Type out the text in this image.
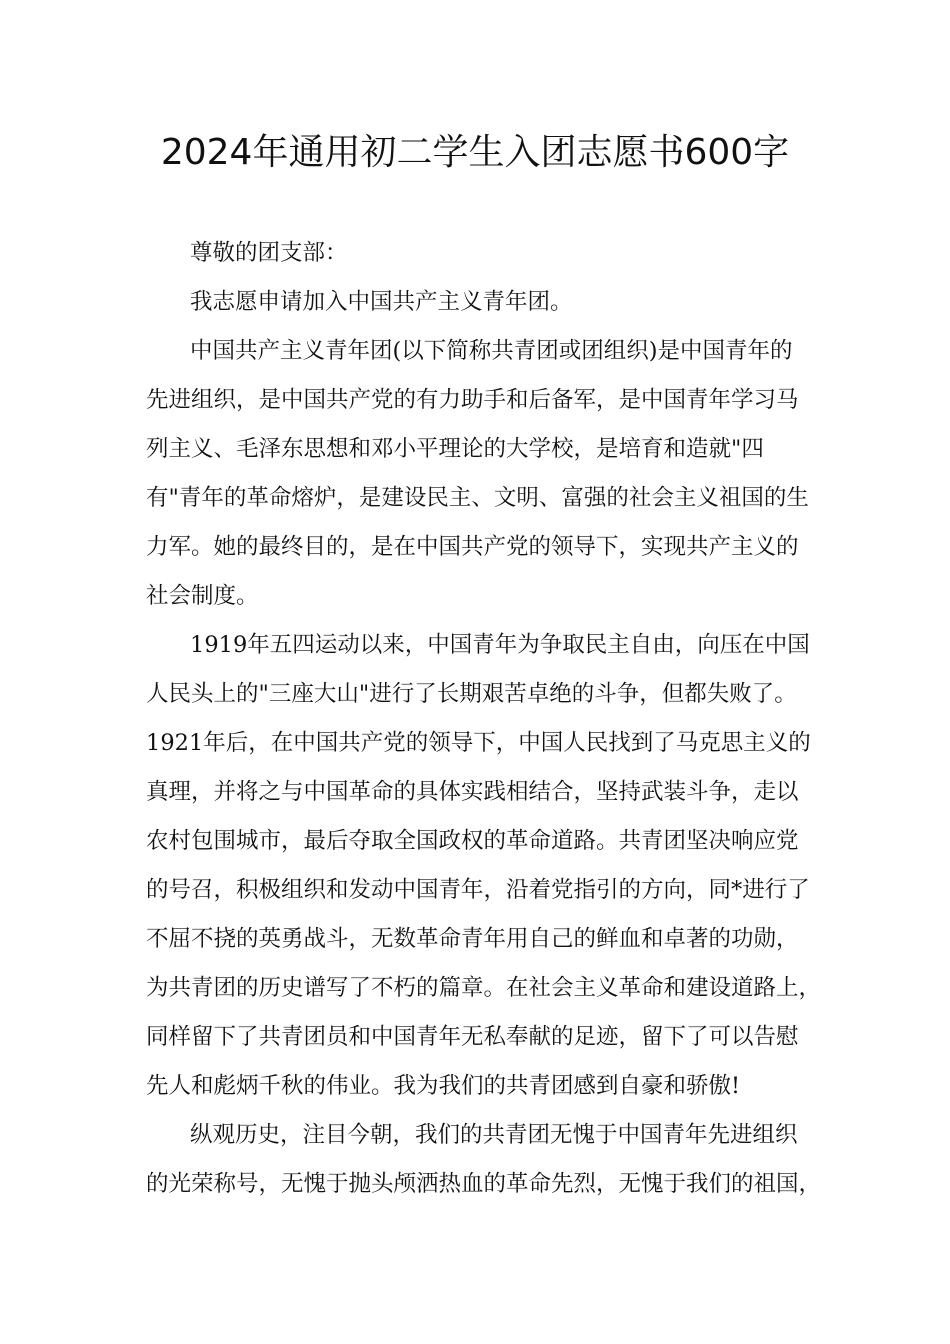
2024年通用初二学生入团志愿书600字

尊敬的团支部：

我志愿申请加入中国共产主义青年团。

中国共产主义青年团(以下简称共青团或团组织)是中国青年的

先进组织，是中国共产党的有力助手和后备军，是中国青年学习马

列主义、毛泽东思想和邓小平理论的大学校，是培育和造就"四

有"青年的革命熔炉，是建设民主、文明、富强的社会主义祖国的生

力军。她的最终目的，是在中国共产党的领导下，实现共产主义的

社会制度。

1919年五四运动以来，中国青年为争取民主自由，向压在中国

人民头上的"三座大山"进行了长期艰苦卓绝的斗争，但都失败了。

1921年后，在中国共产党的领导下，中国人民找到了马克思主义的

真理，并将之与中国革命的具体实践相结合，坚持武装斗争，走以

农村包围城市，最后夺取全国政权的革命道路。共青团坚决响应党

的号召，积极组织和发动中国青年，沿着党指引的方向，同*进行了

不屈不挠的英勇战斗，无数革命青年用自己的鲜血和卓著的功勋，

为共青团的历史谱写了不朽的篇章。在社会主义革命和建设道路上，

同样留下了共青团员和中国青年无私奉献的足迹，留下了可以告慰

先人和彪炳千秋的伟业。我为我们的共青团感到自豪和骄傲!

纵观历史，注目今朝，我们的共青团无愧于中国青年先进组织

的光荣称号，无愧于抛头颅洒热血的革命先烈，无愧于我们的祖国，
